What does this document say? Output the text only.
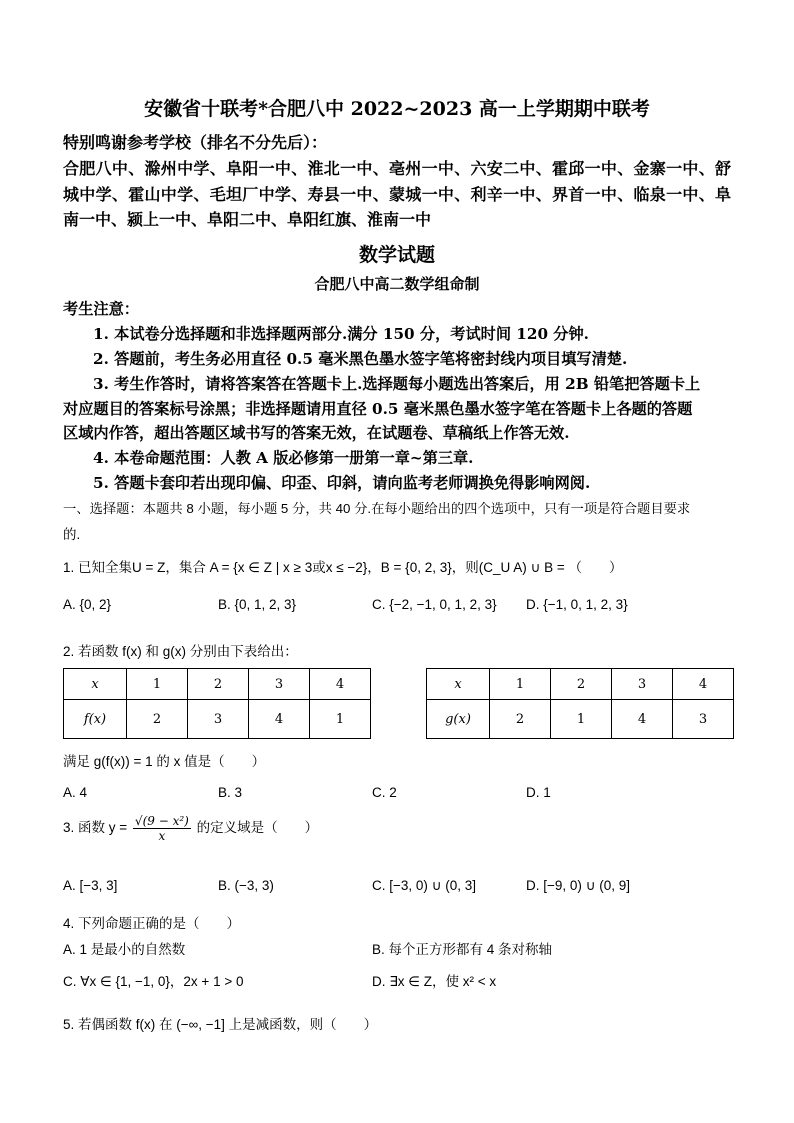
安徽省十联考*合肥八中 2022~2023 高一上学期期中联考
特别鸣谢参考学校（排名不分先后）：
合肥八中、滁州中学、阜阳一中、淮北一中、亳州一中、六安二中、霍邱一中、金寨一中、舒
城中学、霍山中学、毛坦厂中学、寿县一中、蒙城一中、利辛一中、界首一中、临泉一中、阜
南一中、颍上一中、阜阳二中、阜阳红旗、淮南一中
数学试题
合肥八中高二数学组命制
考生注意：
1. 本试卷分选择题和非选择题两部分.满分 150 分，考试时间 120 分钟.
2. 答题前，考生务必用直径 0.5 毫米黑色墨水签字笔将密封线内项目填写清楚.
3. 考生作答时，请将答案答在答题卡上.选择题每小题选出答案后，用 2B 铅笔把答题卡上
对应题目的答案标号涂黑；非选择题请用直径 0.5 毫米黑色墨水签字笔在答题卡上各题的答题
区域内作答，超出答题区域书写的答案无效，在试题卷、草稿纸上作答无效.
4. 本卷命题范围：人教 A 版必修第一册第一章~第三章.
5. 答题卡套印若出现印偏、印歪、印斜，请向监考老师调换免得影响网阅.
一、选择题：本题共 8 小题，每小题 5 分，共 40 分.在每小题给出的四个选项中，只有一项是符合题目要求
的.
1. 已知全集U = Z，集合 A = {x ∈ Z | x ≥ 3或x ≤ −2}，B = {0, 2, 3}，则(C_U A) ∪ B = （　　）
A. {0, 2}	B. {0, 1, 2, 3}	C. {−2, −1, 0, 1, 2, 3} D. {−1, 0, 1, 2, 3}
2. 若函数 f(x) 和 g(x) 分别由下表给出：
x	1	2	3	4
f(x)	2	3	4	1
x	1	2	3	4
g(x)	2	1	4	3
满足 g(f(x)) = 1 的 x 值是（　　）
A. 4	B. 3	C. 2	D. 1
3. 函数 $y = \frac{\text{√(9 − x²)}}{x}$ 的定义域是（　　）
A. [−3, 3]	B. (−3, 3)	C. [−3, 0) ∪ (0, 3]	D. [−9, 0) ∪ (0, 9]
4. 下列命题正确的是（　　）
A. 1 是最小的自然数	B. 每个正方形都有 4 条对称轴
C. ∀x ∈ {1, −1, 0}，2x + 1 > 0	D. ∃x ∈ Z，使 x² < x
5. 若偶函数 f(x) 在 (−∞, −1] 上是减函数，则（　　）
